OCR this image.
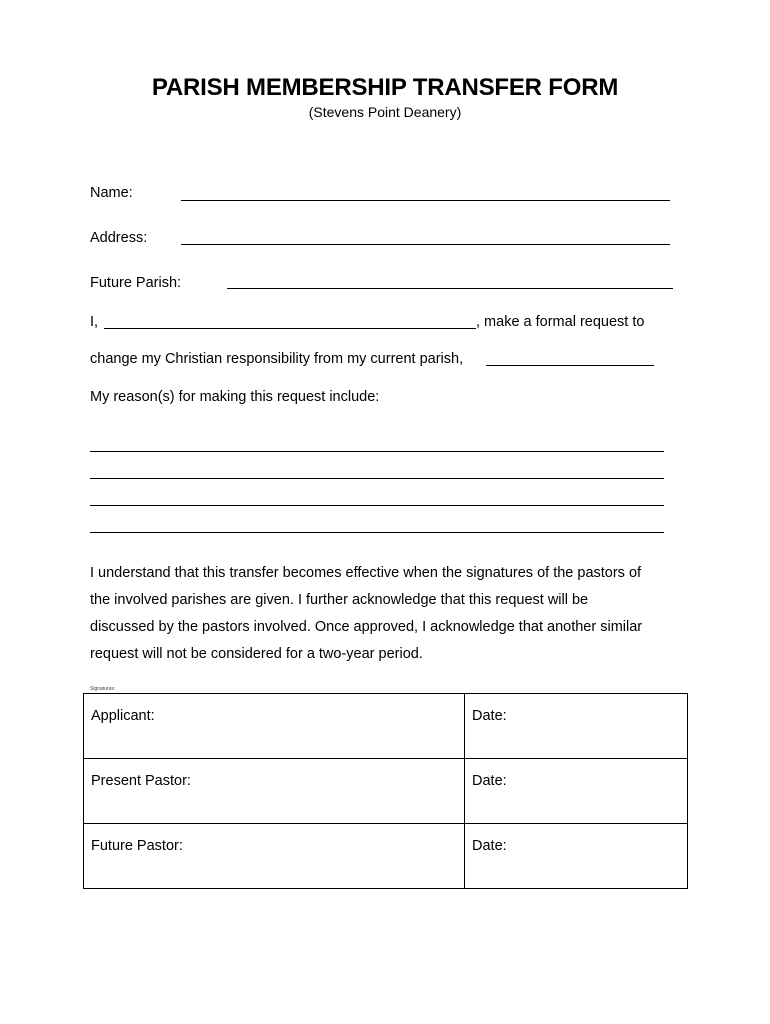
PARISH MEMBERSHIP TRANSFER FORM
(Stevens Point Deanery)
Name:
Address:
Future Parish:
I,	, make a formal request to
change my Christian responsibility from my current parish,
My reason(s) for making this request include:
I understand that this transfer becomes effective when the signatures of the pastors of
the involved parishes are given. I further acknowledge that this request will be
discussed by the pastors involved. Once approved, I acknowledge that another similar
request will not be considered for a two-year period.
Signatures:
Applicant:	Date:
Present Pastor:	Date:
Future Pastor:	Date:
